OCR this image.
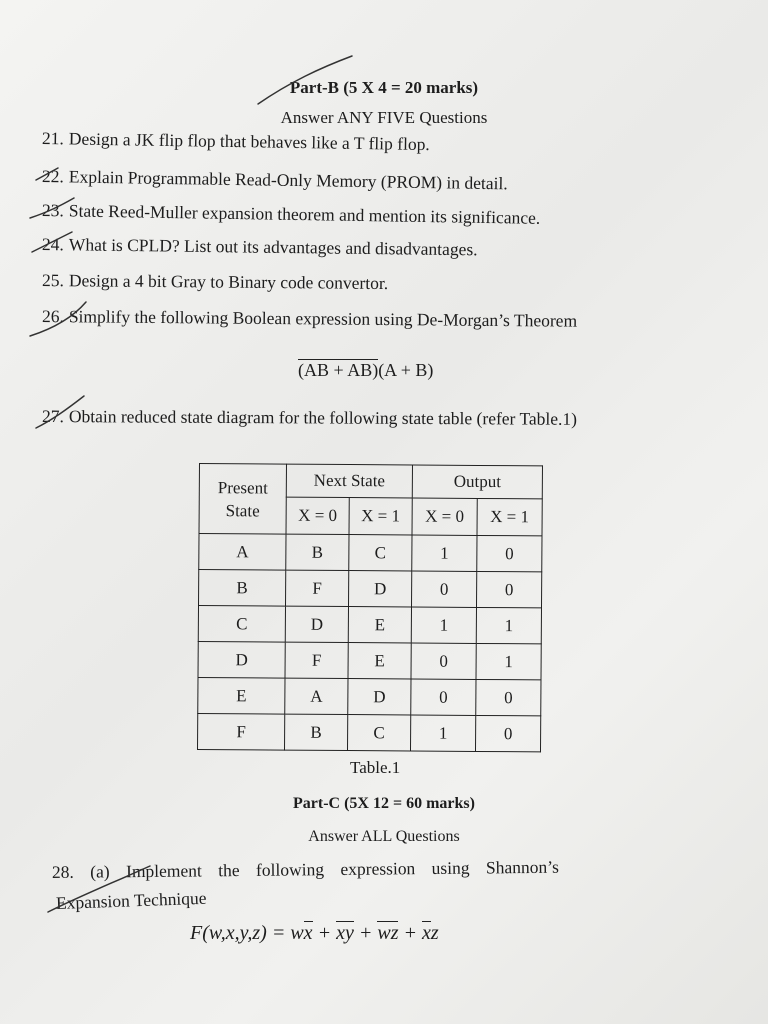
Part-B (5 X 4 = 20 marks)
Answer ANY FIVE Questions
21. Design a JK flip flop that behaves like a T flip flop.
22. Explain Programmable Read-Only Memory (PROM) in detail.
23. State Reed-Muller expansion theorem and mention its significance.
24. What is CPLD? List out its advantages and disadvantages.
25. Design a 4 bit Gray to Binary code convertor.
26. Simplify the following Boolean expression using De-Morgan’s Theorem
(AB + AB)(A + B)
27. Obtain reduced state diagram for the following state table (refer Table.1)
Present State	Next State		Output	
	X = 0	X = 1	X = 0	X = 1
A	B	C	1	0
B	F	D	0	0
C	D	E	1	1
D	F	E	0	1
E	A	D	0	0
F	B	C	1	0
Table.1
Part-C (5X 12 = 60 marks)
Answer ALL Questions
28. (a) Implement the following expression using Shannon’s
Expansion Technique
F(w,x,y,z) = wx + xy + wz + xz
